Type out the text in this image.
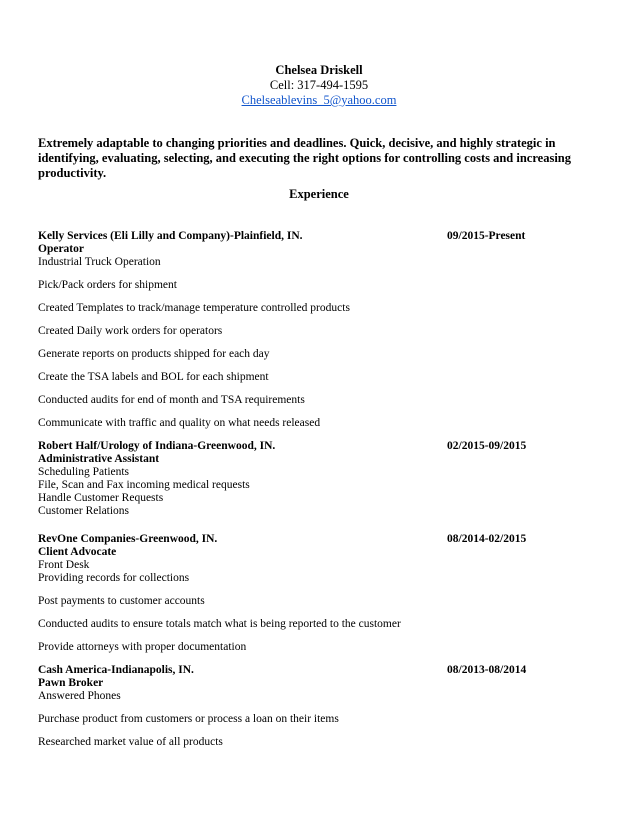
Chelsea Driskell
Cell: 317-494-1595
Chelseablevins_5@yahoo.com
Extremely adaptable to changing priorities and deadlines. Quick, decisive, and highly strategic in identifying, evaluating, selecting, and executing the right options for controlling costs and increasing productivity.
Experience
Kelly Services (Eli Lilly and Company)-Plainfield, IN.	09/2015-Present
Operator
Industrial Truck Operation
Pick/Pack orders for shipment
Created Templates to track/manage temperature controlled products
Created Daily work orders for operators
Generate reports on products shipped for each day
Create the TSA labels and BOL for each shipment
Conducted audits for end of month and TSA requirements
Communicate with traffic and quality on what needs released
Robert Half/Urology of Indiana-Greenwood, IN.	02/2015-09/2015
Administrative Assistant
Scheduling Patients
File, Scan and Fax incoming medical requests
Handle Customer Requests
Customer Relations
RevOne Companies-Greenwood, IN.	08/2014-02/2015
Client Advocate
Front Desk
Providing records for collections
Post payments to customer accounts
Conducted audits to ensure totals match what is being reported to the customer
Provide attorneys with proper documentation
Cash America-Indianapolis, IN.	08/2013-08/2014
Pawn Broker
Answered Phones
Purchase product from customers or process a loan on their items
Researched market value of all products
